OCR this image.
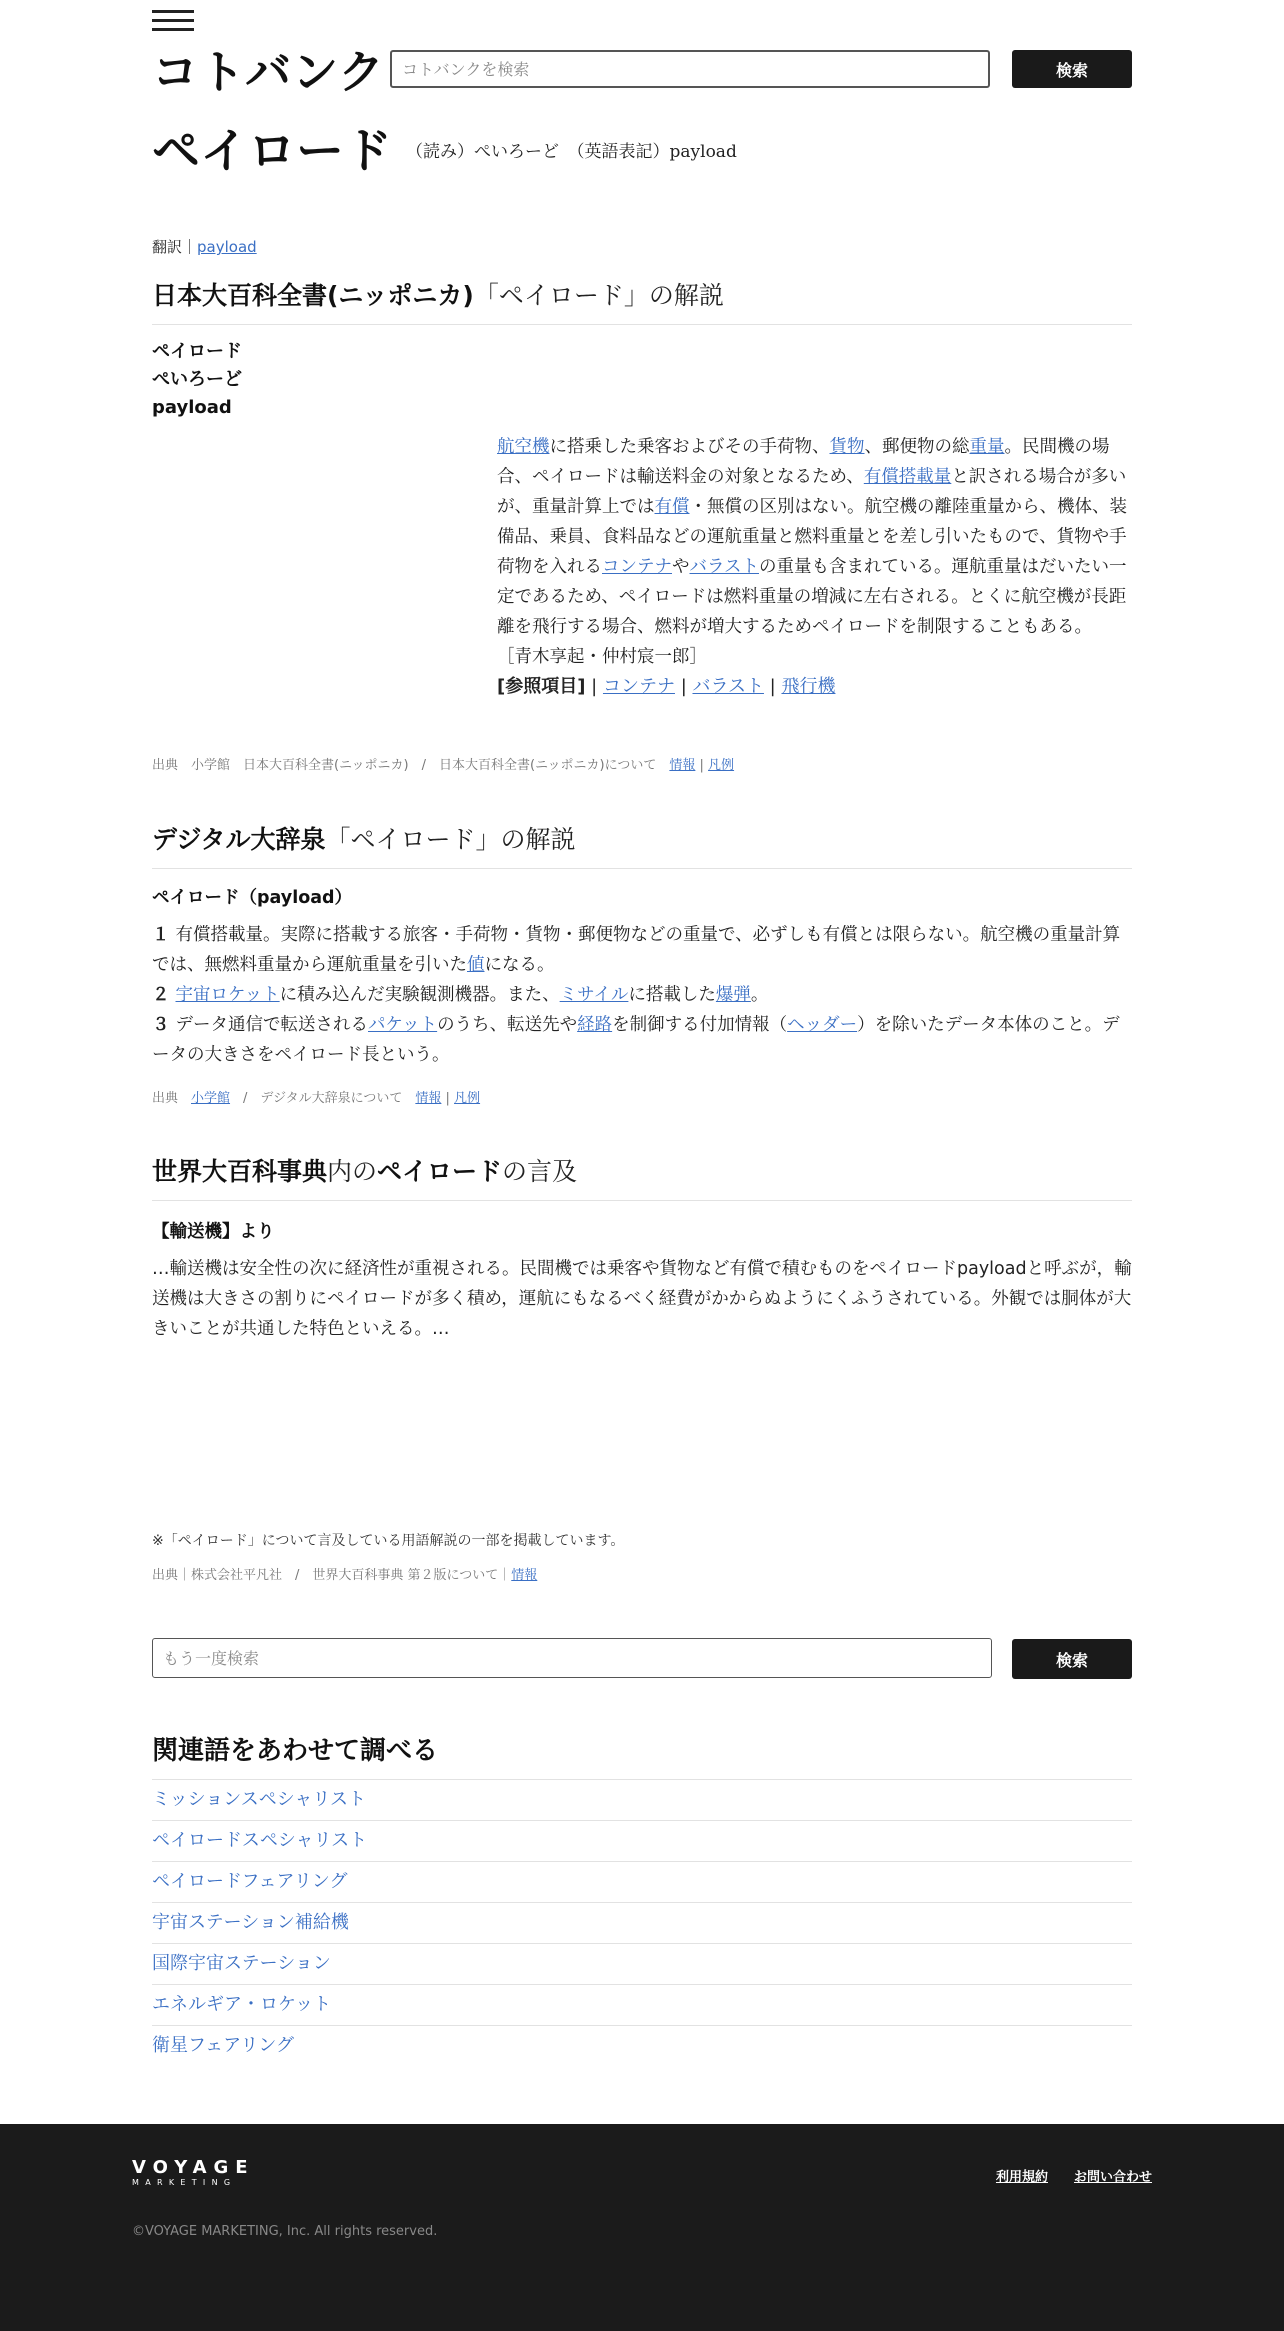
コトバンク
コトバンクを検索	検索
ペイロード （読み）ぺいろーど　（英語表記）payload
翻訳｜payload
日本大百科全書(ニッポニカ)「ペイロード」の解説
ペイロード
ぺいろーど
payload

航空機に搭乗した乗客およびその手荷物、貨物、郵便物の総重量。民間機の場合、ペイロードは輸送料金の対象となるため、有償搭載量と訳される場合が多いが、重量計算上では有償・無償の区別はない。航空機の離陸重量から、機体、装備品、乗員、食料品などの運航重量と燃料重量とを差し引いたもので、貨物や手荷物を入れるコンテナやバラストの重量も含まれている。運航重量はだいたい一定であるため、ペイロードは燃料重量の増減に左右される。とくに航空機が長距離を飛行する場合、燃料が増大するためペイロードを制限することもある。

［青木享起・仲村宸一郎］

[参照項目] | コンテナ | バラスト | 飛行機

出典　小学館　日本大百科全書(ニッポニカ)　/　日本大百科全書(ニッポニカ)について　情報 | 凡例
デジタル大辞泉「ペイロード」の解説
ペイロード（payload）

１ 有償搭載量。実際に搭載する旅客・手荷物・貨物・郵便物などの重量で、必ずしも有償とは限らない。航空機の重量計算では、無燃料重量から運航重量を引いた値になる。

２ 宇宙ロケットに積み込んだ実験観測機器。また、ミサイルに搭載した爆弾。

３ データ通信で転送されるパケットのうち、転送先や経路を制御する付加情報（ヘッダー）を除いたデータ本体のこと。データの大きさをペイロード長という。

出典　小学館　/　デジタル大辞泉について　情報 | 凡例
世界大百科事典内のペイロードの言及
【輸送機】より
…輸送機は安全性の次に経済性が重視される。民間機では乗客や貨物など有償で積むものをペイロードpayloadと呼ぶが，輸送機は大きさの割りにペイロードが多く積め，運航にもなるべく経費がかからぬようにくふうされている。外観では胴体が大きいことが共通した特色といえる。…
※「ペイロード」について言及している用語解説の一部を掲載しています。
出典｜株式会社平凡社　/　世界大百科事典 第２版について｜情報
もう一度検索
検索
関連語をあわせて調べる
ミッションスペシャリスト
ペイロードスペシャリスト
ペイロードフェアリング
宇宙ステーション補給機
国際宇宙ステーション
エネルギア・ロケット
衛星フェアリング
VOYAGE
MARKETING	利用規約 お問い合わせ
©VOYAGE MARKETING, Inc. All rights reserved.
